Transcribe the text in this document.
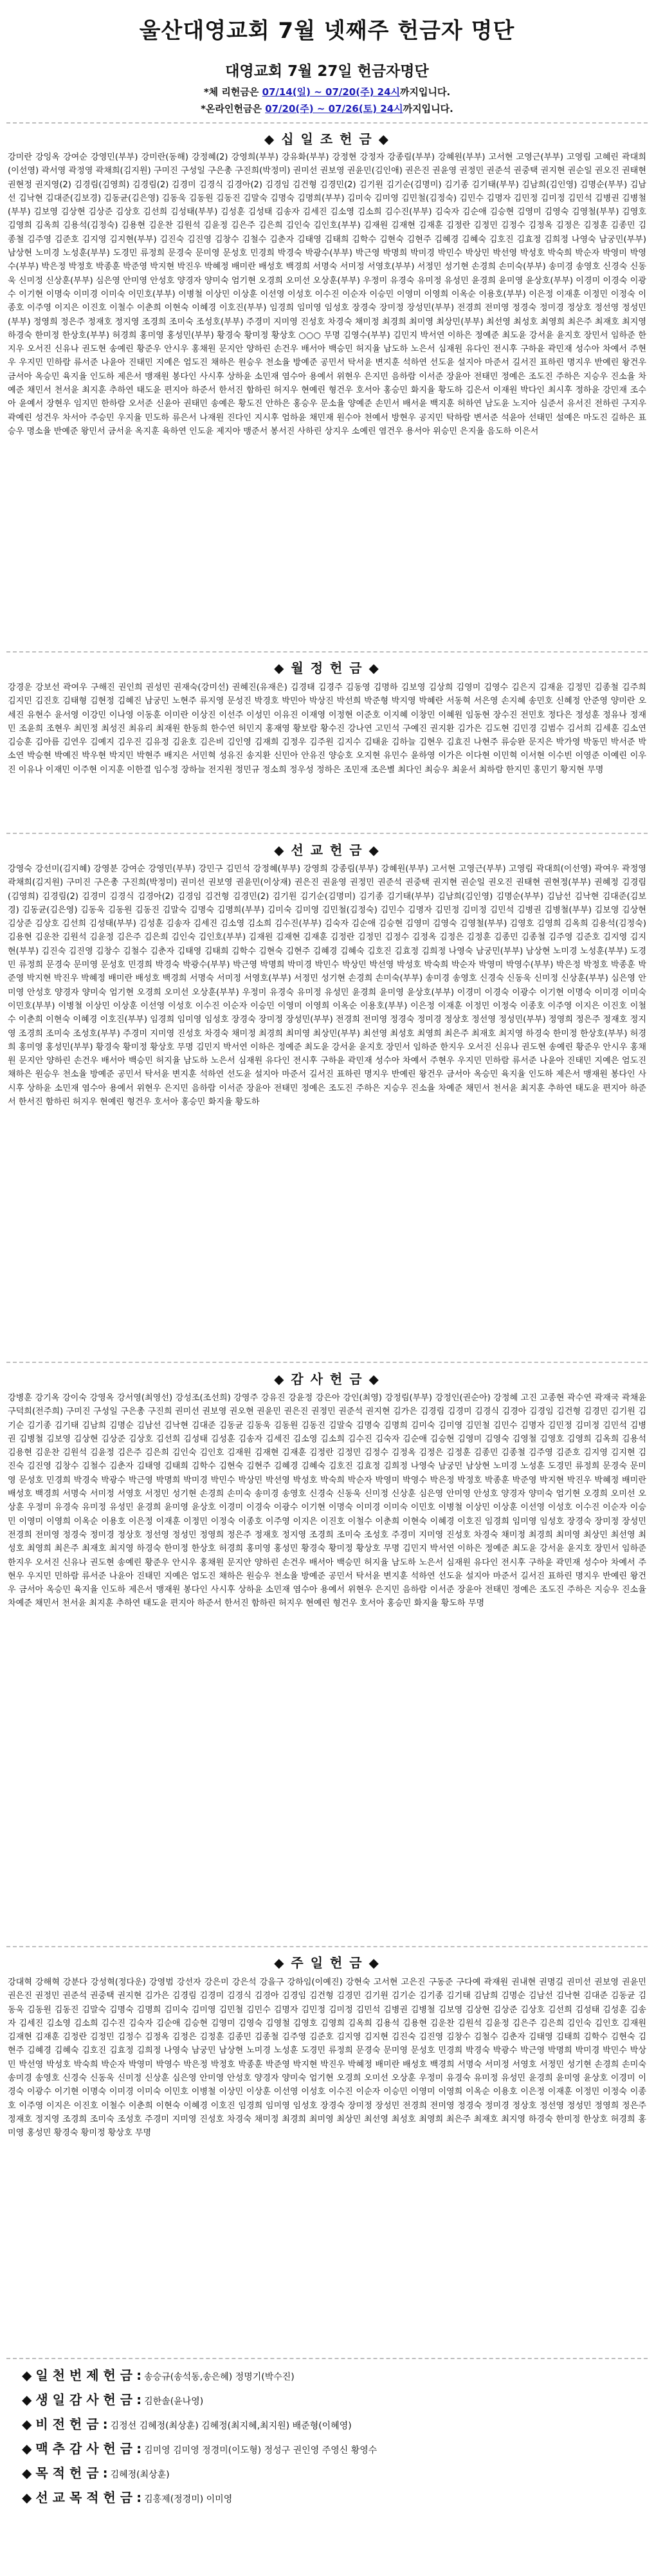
울산대영교회 7월 넷째주 헌금자 명단
대영교회 7월 27일 헌금자명단
*체 리헌금은 07/14(일) ~ 07/20(주) 24시까지입니다.
*온라인헌금은 07/20(주) ~ 07/26(토) 24시까지입니다.
◆ 십 일 조 헌 금 ◆
강미란 강잉옥 강여순 강영민(부부) 강미란(동해) 강정혜(2) 강영희(부부) 강유화(부부) 강정현 강정자 강종림(부부) 강혜원(부부) 고서현 고영근(부부) 고영림 고혜린 곽대희(이선영) 곽서영 곽정영 곽채희(김지원) 구미진 구성일 구은총 구진희(박정미) 권미선 권보영 권윤민(김인애) 권은진 권윤영 권정민 권준석 권중택 권지현 권순일 권오진 권태현 권현정 권지영(2) 김경림(김영희) 김경림(2) 김경미 김경식 김경아(2) 김경임 김건형 김경민(2) 김기원 김기순(김명미) 김기종 김기태(부부) 김남희(김인영) 김명순(부부) 김남선 김낙현 김대준(김보경) 김동균(김은영) 김동욱 김동원 김동진 김말숙 김명숙 김명희(부부) 김미숙 김미영 김민철(김정숙) 김민수 김명자 김민정 김미정 김민석 김병권 김병철(부부) 김보영 김상현 김상준 김상호 김선희 김성태(부부) 김성훈 김성태 김송자 김세진 김소영 김소희 김수진(부부) 김숙자 김순애 김승현 김영미 김영숙 김영철(부부) 김영호 김영희 김옥희 김용석(김정숙) 김용현 김운찬 김원석 김윤정 김은주 김은희 김인숙 김인호(부부) 김재원 김재현 김재훈 김정란 김정민 김정수 김정옥 김정은 김정훈 김종민 김종철 김주영 김준호 김지영 김지현(부부) 김진숙 김진영 김창수 김철수 김춘자 김태영 김태희 김학수 김현숙 김현주 김혜경 김혜숙 김호진 김효정 김희정 나영숙 남궁민(부부) 남상현 노미경 노성훈(부부) 도경민 류정희 문경숙 문미영 문성호 민경희 박경숙 박광수(부부) 박근영 박명희 박미경 박민수 박상민 박선영 박성호 박숙희 박순자 박영미 박영수(부부) 박은정 박정호 박종훈 박준영 박지현 박진우 박혜정 배미란 배성호 백경희 서명숙 서미정 서영호(부부) 서정민 성기현 손경희 손미숙(부부) 송미경 송영호 신경숙 신동욱 신미정 신상훈(부부) 심은영 안미영 안성호 양경자 양미숙 엄기현 오경희 오미선 오상훈(부부) 우정미 유경숙 유미정 유성민 윤경희 윤미영 윤상호(부부) 이경미 이경숙 이광수 이기현 이명숙 이미경 이미숙 이민호(부부) 이병철 이상민 이상훈 이선영 이성호 이수진 이순자 이승민 이영미 이영희 이옥순 이용호(부부) 이은정 이재훈 이정민 이정숙 이종호 이주영 이지은 이진호 이철수 이춘희 이현숙 이혜경 이호진(부부) 임경희 임미영 임성호 장경숙 장미정 장성민(부부) 전경희 전미영 정경숙 정미경 정상호 정선영 정성민(부부) 정영희 정은주 정재호 정지영 조경희 조미숙 조성호(부부) 주경미 지미영 진성호 차경숙 채미정 최경희 최미영 최상민(부부) 최선영 최성호 최영희 최은주 최재호 최지영 하경숙 한미정 한상호(부부) 허경희 홍미영 홍성민(부부) 황경숙 황미정 황상호 ○○○ 무명 김영수(부부) 김민지 박서연 이하은 정예준 최도윤 강서윤 윤지호 장민서 임하준 한지우 오서진 신유나 권도현 송예린 황준우 안시우 홍채원 문지안 양하린 손건우 배서아 백승민 허지율 남도하 노은서 심재원 유다인 전시후 구하윤 곽민재 성수아 차예서 주현우 우지민 민하람 류서준 나윤아 진태민 지예은 엄도진 채하은 원승우 천소율 방예준 공민서 탁서윤 변지훈 석하연 선도윤 설지아 마준서 길서진 표하린 명지우 반예린 왕건우 금서아 옥승민 육지율 인도하 제은서 맹재원 봉다인 사시후 상하윤 소민재 염수아 용예서 위현우 은지민 음하람 이서준 장윤아 전태민 정예은 조도진 주하은 지승우 진소율 차예준 채민서 천서윤 최지훈 추하연 태도윤 편지아 하준서 한서진 함하린 허지우 현예린 형건우 호서아 홍승민 화지율 황도하 김은서 이재원 박다인 최시후 정하윤 강민재 조수아 윤예서 장현우 임지민 한하람 오서준 신윤아 권태민 송예은 황도진 안하은 홍승우 문소율 양예준 손민서 배서윤 백지훈 허하연 남도윤 노지아 심준서 유서진 전하린 구지우 곽예린 성건우 차서아 주승민 우지율 민도하 류은서 나재원 진다인 지시후 엄하윤 채민재 원수아 천예서 방현우 공지민 탁하람 변서준 석윤아 선태민 설예은 마도진 길하은 표승우 명소율 반예준 왕민서 금서윤 옥지훈 육하연 인도윤 제지아 맹준서 봉서진 사하린 상지우 소예린 염건우 용서아 위승민 은지율 음도하 이은서
◆ 월 정 헌 금 ◆
강경운 강보선 곽여우 구해진 권인희 권성민 권재숙(강미선) 권혜진(유재은) 김경태 김경주 김동영 김명하 김보영 김상희 김영미 김영수 김은지 김재윤 김정민 김종철 김주희 김지민 김진호 김태형 김현정 김혜진 남궁민 노현주 류지영 문성진 박경호 박민아 박상진 박선희 박준형 박지영 박혜란 서동혁 서은영 손지혜 송민호 신혜정 안준영 양미란 오세진 유현수 윤서영 이강민 이나영 이동훈 이미란 이상진 이선주 이성민 이유진 이재영 이정현 이준호 이지혜 이창민 이혜원 임동현 장수진 전민호 정다은 정성훈 정유나 정재민 조윤희 조현우 최민정 최성진 최유리 최재원 한동희 한수연 허민지 홍재영 황보람 황수진 강나연 고민석 구예진 권지환 김가은 김도현 김민경 김범수 김서희 김세훈 김소연 김승훈 김아름 김연우 김예지 김우진 김유정 김윤호 김은비 김인영 김재희 김정우 김주원 김지수 김태윤 김하늘 김현우 김효진 나현주 류승완 문지은 박가영 박동민 박서준 박소연 박승현 박예진 박우현 박지민 박현주 배지은 서민혁 성유진 송지환 신민아 안유진 양승호 오지현 유민수 윤하영 이가은 이다현 이민혁 이서현 이수빈 이영준 이예린 이우진 이유나 이재민 이주현 이지훈 이한결 임수정 장하늘 전지원 정민규 정소희 정우성 정하은 조민재 조은별 최다인 최승우 최윤서 최하람 한지민 홍민기 황지현 무명
◆ 선 교 헌 금 ◆
강영숙 강선미(김지혜) 강영분 강여순 강영민(부부) 강민구 김민석 강정혜(부부) 강영희 강종림(부부) 강혜원(부부) 고서현 고영근(부부) 고영림 곽대희(이선영) 곽여우 곽정영 곽채희(김지원) 구미진 구은총 구진희(박정미) 권미선 권보영 권윤민(이상재) 권은진 권윤영 권정민 권준석 권중택 권지현 권순일 권오진 권태현 권현정(부부) 권혜정 김경림(김영희) 김경림(2) 김경미 김경식 김경아(2) 김경임 김건형 김경민(2) 김기원 김기순(김명미) 김기종 김기태(부부) 김남희(김인영) 김명순(부부) 김남선 김낙현 김대준(김보경) 김동균(김은영) 김동욱 김동원 김동진 김말숙 김명숙 김명희(부부) 김미숙 김미영 김민철(김정숙) 김민수 김명자 김민정 김미정 김민석 김병권 김병철(부부) 김보영 김상현 김상준 김상호 김선희 김성태(부부) 김성훈 김송자 김세진 김소영 김소희 김수진(부부) 김숙자 김순애 김승현 김영미 김영숙 김영철(부부) 김영호 김영희 김옥희 김용석(김정숙) 김용현 김운찬 김원석 김윤정 김은주 김은희 김인숙 김인호(부부) 김재원 김재현 김재훈 김정란 김정민 김정수 김정옥 김정은 김정훈 김종민 김종철 김주영 김준호 김지영 김지현(부부) 김진숙 김진영 김창수 김철수 김춘자 김태영 김태희 김학수 김현숙 김현주 김혜경 김혜숙 김호진 김효정 김희정 나영숙 남궁민(부부) 남상현 노미경 노성훈(부부) 도경민 류정희 문경숙 문미영 문성호 민경희 박경숙 박광수(부부) 박근영 박명희 박미경 박민수 박상민 박선영 박성호 박숙희 박순자 박영미 박영수(부부) 박은정 박정호 박종훈 박준영 박지현 박진우 박혜정 배미란 배성호 백경희 서명숙 서미정 서영호(부부) 서정민 성기현 손경희 손미숙(부부) 송미경 송영호 신경숙 신동욱 신미정 신상훈(부부) 심은영 안미영 안성호 양경자 양미숙 엄기현 오경희 오미선 오상훈(부부) 우정미 유경숙 유미정 유성민 윤경희 윤미영 윤상호(부부) 이경미 이경숙 이광수 이기현 이명숙 이미경 이미숙 이민호(부부) 이병철 이상민 이상훈 이선영 이성호 이수진 이순자 이승민 이영미 이영희 이옥순 이용호(부부) 이은정 이재훈 이정민 이정숙 이종호 이주영 이지은 이진호 이철수 이춘희 이현숙 이혜경 이호진(부부) 임경희 임미영 임성호 장경숙 장미정 장성민(부부) 전경희 전미영 정경숙 정미경 정상호 정선영 정성민(부부) 정영희 정은주 정재호 정지영 조경희 조미숙 조성호(부부) 주경미 지미영 진성호 차경숙 채미정 최경희 최미영 최상민(부부) 최선영 최성호 최영희 최은주 최재호 최지영 하경숙 한미정 한상호(부부) 허경희 홍미영 홍성민(부부) 황경숙 황미정 황상호 무명 김민지 박서연 이하은 정예준 최도윤 강서윤 윤지호 장민서 임하준 한지우 오서진 신유나 권도현 송예린 황준우 안시우 홍채원 문지안 양하린 손건우 배서아 백승민 허지율 남도하 노은서 심재원 유다인 전시후 구하윤 곽민재 성수아 차예서 주현우 우지민 민하람 류서준 나윤아 진태민 지예은 엄도진 채하은 원승우 천소율 방예준 공민서 탁서윤 변지훈 석하연 선도윤 설지아 마준서 길서진 표하린 명지우 반예린 왕건우 금서아 옥승민 육지율 인도하 제은서 맹재원 봉다인 사시후 상하윤 소민재 염수아 용예서 위현우 은지민 음하람 이서준 장윤아 전태민 정예은 조도진 주하은 지승우 진소율 차예준 채민서 천서윤 최지훈 추하연 태도윤 편지아 하준서 한서진 함하린 허지우 현예린 형건우 호서아 홍승민 화지율 황도하
◆ 감 사 헌 금 ◆
강병훈 강기옥 강이숙 강영옥 강서영(최영선) 강성조(조선희) 강영주 강유진 강윤정 강은아 강인(최영) 강정림(부부) 강정인(권순아) 강정혜 고진 고종현 곽수연 곽재국 곽채윤 구덕희(전주희) 구미진 구성일 구은총 구진희 권미선 권보영 권오현 권윤민 권은진 권정민 권준석 권지현 김가은 김경림 김경미 김경식 김경아 김경임 김건형 김경민 김기원 김기순 김기종 김기태 김남희 김명순 김남선 김낙현 김대준 김동균 김동욱 김동원 김동진 김말숙 김명숙 김명희 김미숙 김미영 김민철 김민수 김명자 김민정 김미정 김민석 김병권 김병철 김보영 김상현 김상준 김상호 김선희 김성태 김성훈 김송자 김세진 김소영 김소희 김수진 김숙자 김순애 김승현 김영미 김영숙 김영철 김영호 김영희 김옥희 김용석 김용현 김운찬 김원석 김윤정 김은주 김은희 김인숙 김인호 김재원 김재현 김재훈 김정란 김정민 김정수 김정옥 김정은 김정훈 김종민 김종철 김주영 김준호 김지영 김지현 김진숙 김진영 김창수 김철수 김춘자 김태영 김태희 김학수 김현숙 김현주 김혜경 김혜숙 김호진 김효정 김희정 나영숙 남궁민 남상현 노미경 노성훈 도경민 류정희 문경숙 문미영 문성호 민경희 박경숙 박광수 박근영 박명희 박미경 박민수 박상민 박선영 박성호 박숙희 박순자 박영미 박영수 박은정 박정호 박종훈 박준영 박지현 박진우 박혜정 배미란 배성호 백경희 서명숙 서미정 서영호 서정민 성기현 손경희 손미숙 송미경 송영호 신경숙 신동욱 신미정 신상훈 심은영 안미영 안성호 양경자 양미숙 엄기현 오경희 오미선 오상훈 우정미 유경숙 유미정 유성민 윤경희 윤미영 윤상호 이경미 이경숙 이광수 이기현 이명숙 이미경 이미숙 이민호 이병철 이상민 이상훈 이선영 이성호 이수진 이순자 이승민 이영미 이영희 이옥순 이용호 이은정 이재훈 이정민 이정숙 이종호 이주영 이지은 이진호 이철수 이춘희 이현숙 이혜경 이호진 임경희 임미영 임성호 장경숙 장미정 장성민 전경희 전미영 정경숙 정미경 정상호 정선영 정성민 정영희 정은주 정재호 정지영 조경희 조미숙 조성호 주경미 지미영 진성호 차경숙 채미정 최경희 최미영 최상민 최선영 최성호 최영희 최은주 최재호 최지영 하경숙 한미정 한상호 허경희 홍미영 홍성민 황경숙 황미정 황상호 무명 김민지 박서연 이하은 정예준 최도윤 강서윤 윤지호 장민서 임하준 한지우 오서진 신유나 권도현 송예린 황준우 안시우 홍채원 문지안 양하린 손건우 배서아 백승민 허지율 남도하 노은서 심재원 유다인 전시후 구하윤 곽민재 성수아 차예서 주현우 우지민 민하람 류서준 나윤아 진태민 지예은 엄도진 채하은 원승우 천소율 방예준 공민서 탁서윤 변지훈 석하연 선도윤 설지아 마준서 길서진 표하린 명지우 반예린 왕건우 금서아 옥승민 육지율 인도하 제은서 맹재원 봉다인 사시후 상하윤 소민재 염수아 용예서 위현우 은지민 음하람 이서준 장윤아 전태민 정예은 조도진 주하은 지승우 진소율 차예준 채민서 천서윤 최지훈 추하연 태도윤 편지아 하준서 한서진 함하린 허지우 현예린 형건우 호서아 홍승민 화지율 황도하 무명
◆ 주 일 헌 금 ◆
강대혁 강해혁 강분다 강성혁(정다운) 강영범 강선자 강은미 강은석 강을구 강하임(이예진) 강현숙 고서현 고은진 구동준 구다예 곽재원 권내현 권명길 권미선 권보영 권윤민 권은진 권정민 권준석 권중택 권지현 김가은 김경림 김경미 김경식 김경아 김경임 김건형 김경민 김기원 김기순 김기종 김기태 김남희 김명순 김남선 김낙현 김대준 김동균 김동욱 김동원 김동진 김말숙 김명숙 김명희 김미숙 김미영 김민철 김민수 김명자 김민정 김미정 김민석 김병권 김병철 김보영 김상현 김상준 김상호 김선희 김성태 김성훈 김송자 김세진 김소영 김소희 김수진 김숙자 김순애 김승현 김영미 김영숙 김영철 김영호 김영희 김옥희 김용석 김용현 김운찬 김원석 김윤정 김은주 김은희 김인숙 김인호 김재원 김재현 김재훈 김정란 김정민 김정수 김정옥 김정은 김정훈 김종민 김종철 김주영 김준호 김지영 김지현 김진숙 김진영 김창수 김철수 김춘자 김태영 김태희 김학수 김현숙 김현주 김혜경 김혜숙 김호진 김효정 김희정 나영숙 남궁민 남상현 노미경 노성훈 도경민 류정희 문경숙 문미영 문성호 민경희 박경숙 박광수 박근영 박명희 박미경 박민수 박상민 박선영 박성호 박숙희 박순자 박영미 박영수 박은정 박정호 박종훈 박준영 박지현 박진우 박혜정 배미란 배성호 백경희 서명숙 서미정 서영호 서정민 성기현 손경희 손미숙 송미경 송영호 신경숙 신동욱 신미정 신상훈 심은영 안미영 안성호 양경자 양미숙 엄기현 오경희 오미선 오상훈 우정미 유경숙 유미정 유성민 윤경희 윤미영 윤상호 이경미 이경숙 이광수 이기현 이명숙 이미경 이미숙 이민호 이병철 이상민 이상훈 이선영 이성호 이수진 이순자 이승민 이영미 이영희 이옥순 이용호 이은정 이재훈 이정민 이정숙 이종호 이주영 이지은 이진호 이철수 이춘희 이현숙 이혜경 이호진 임경희 임미영 임성호 장경숙 장미정 장성민 전경희 전미영 정경숙 정미경 정상호 정선영 정성민 정영희 정은주 정재호 정지영 조경희 조미숙 조성호 주경미 지미영 진성호 차경숙 채미정 최경희 최미영 최상민 최선영 최성호 최영희 최은주 최재호 최지영 하경숙 한미정 한상호 허경희 홍미영 홍성민 황경숙 황미정 황상호 무명
◆ 일 천 번 제 헌 금 : 송승규(송석동,송은혜) 정명기(박수진)
◆ 생 일 감 사 헌 금 : 김한솔(윤나영)
◆ 비 전 헌 금 : 김정선 김혜정(최상훈) 김혜정(최지혜,최지원) 배준형(이혜영)
◆ 맥 추 감 사 헌 금 : 김미영 김미영 정경미(이도형) 정성구 권인영 주영신 황영수
◆ 목 적 헌 금 : 김혜정(최상훈)
◆ 선 교 목 적 헌 금 : 김홍제(정경미) 이미영
